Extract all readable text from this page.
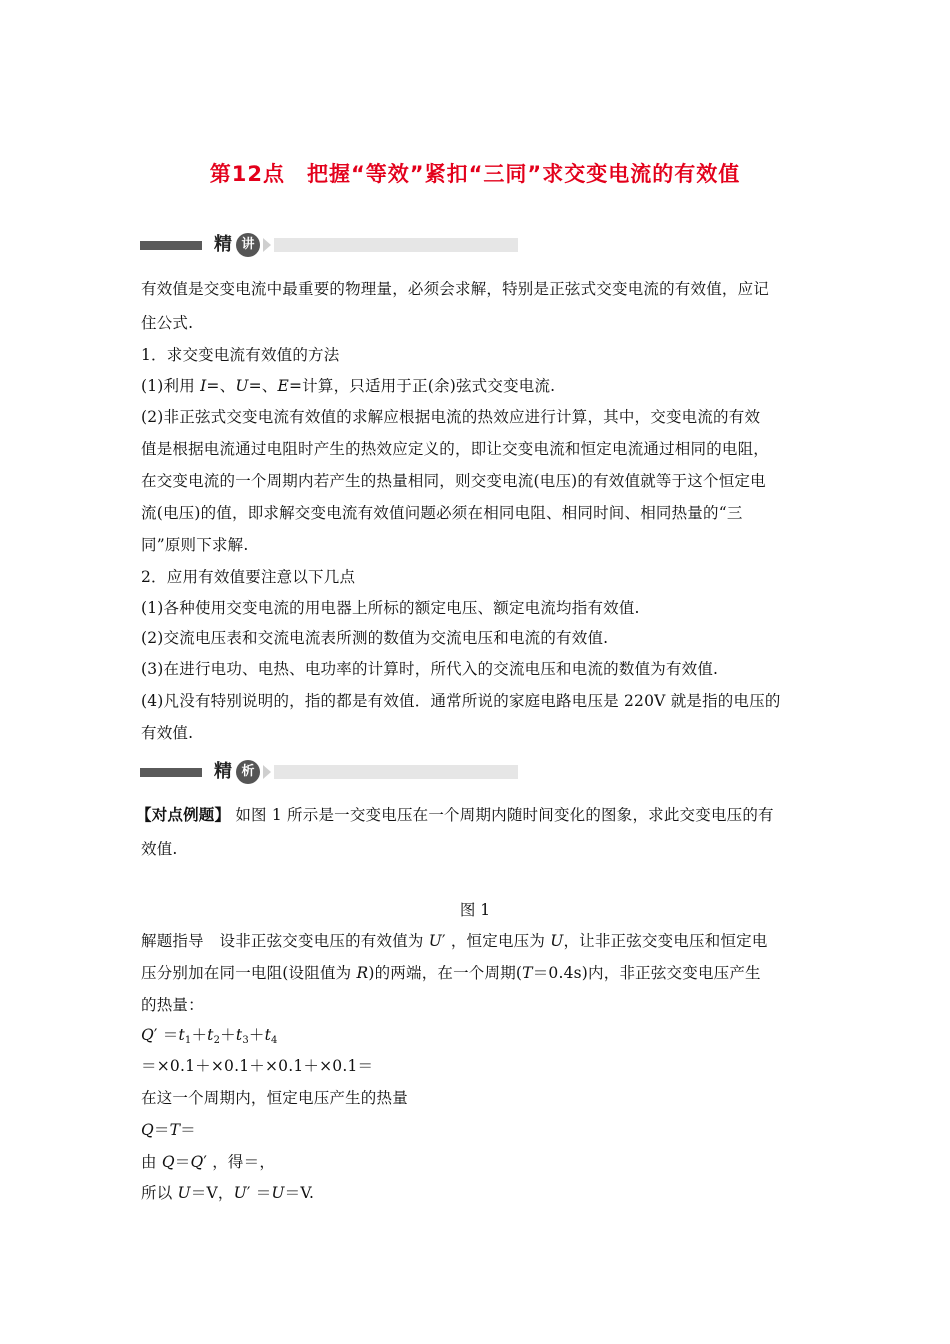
第12点 把握“等效”紧扣“三同”求交变电流的有效值
精 讲
有效值是交变电流中最重要的物理量，必须会求解，特别是正弦式交变电流的有效值，应记
住公式.
1．求交变电流有效值的方法
(1)利用 I=、U=、E=计算，只适用于正(余)弦式交变电流.
(2)非正弦式交变电流有效值的求解应根据电流的热效应进行计算，其中，交变电流的有效
值是根据电流通过电阻时产生的热效应定义的，即让交变电流和恒定电流通过相同的电阻，
在交变电流的一个周期内若产生的热量相同，则交变电流(电压)的有效值就等于这个恒定电
流(电压)的值，即求解交变电流有效值问题必须在相同电阻、相同时间、相同热量的“三
同”原则下求解.
2．应用有效值要注意以下几点
(1)各种使用交变电流的用电器上所标的额定电压、额定电流均指有效值.
(2)交流电压表和交流电流表所测的数值为交流电压和电流的有效值.
(3)在进行电功、电热、电功率的计算时，所代入的交流电压和电流的数值为有效值.
(4)凡没有特别说明的，指的都是有效值．通常所说的家庭电路电压是 220V 就是指的电压的
有效值.
精 析
【对点例题】 如图 1 所示是一交变电压在一个周期内随时间变化的图象，求此交变电压的有
效值.
图 1
解题指导　设非正弦交变电压的有效值为 U′ ，恒定电压为 U，让非正弦交变电压和恒定电
压分别加在同一电阻(设阻值为 R)的两端，在一个周期(T＝0.4s)内，非正弦交变电压产生
的热量：
$Q' =t_1+t_2+t_3+t_4$
＝×0.1＋×0.1＋×0.1＋×0.1＝
在这一个周期内，恒定电压产生的热量
Q＝T＝
由 Q＝Q′ ，得＝，
所以 U＝V，U′ ＝U＝V.
